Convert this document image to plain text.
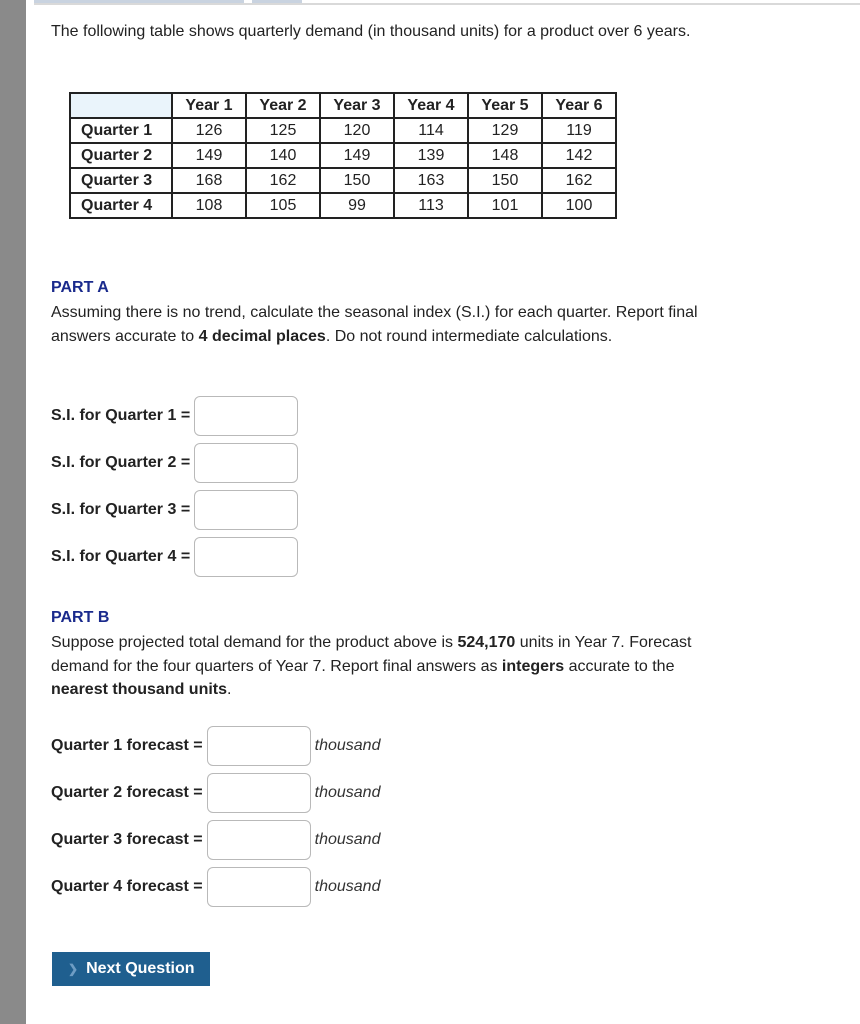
The following table shows quarterly demand (in thousand units) for a product over 6 years.

	Year 1	Year 2	Year 3	Year 4	Year 5	Year 6
Quarter 1	126	125	120	114	129	119
Quarter 2	149	140	149	139	148	142
Quarter 3	168	162	150	163	150	162
Quarter 4	108	105	99	113	101	100
PART A
Assuming there is no trend, calculate the seasonal index (S.I.) for each quarter. Report final answers accurate to 4 decimal places. Do not round intermediate calculations.
S.I. for Quarter 1 =
S.I. for Quarter 2 =
S.I. for Quarter 3 =
S.I. for Quarter 4 =
PART B
Suppose projected total demand for the product above is 524,170 units in Year 7. Forecast demand for the four quarters of Year 7. Report final answers as integers accurate to the nearest thousand units.
Quarter 1 forecast =	thousand
Quarter 2 forecast =	thousand
Quarter 3 forecast =	thousand
Quarter 4 forecast =	thousand
❯ Next Question
